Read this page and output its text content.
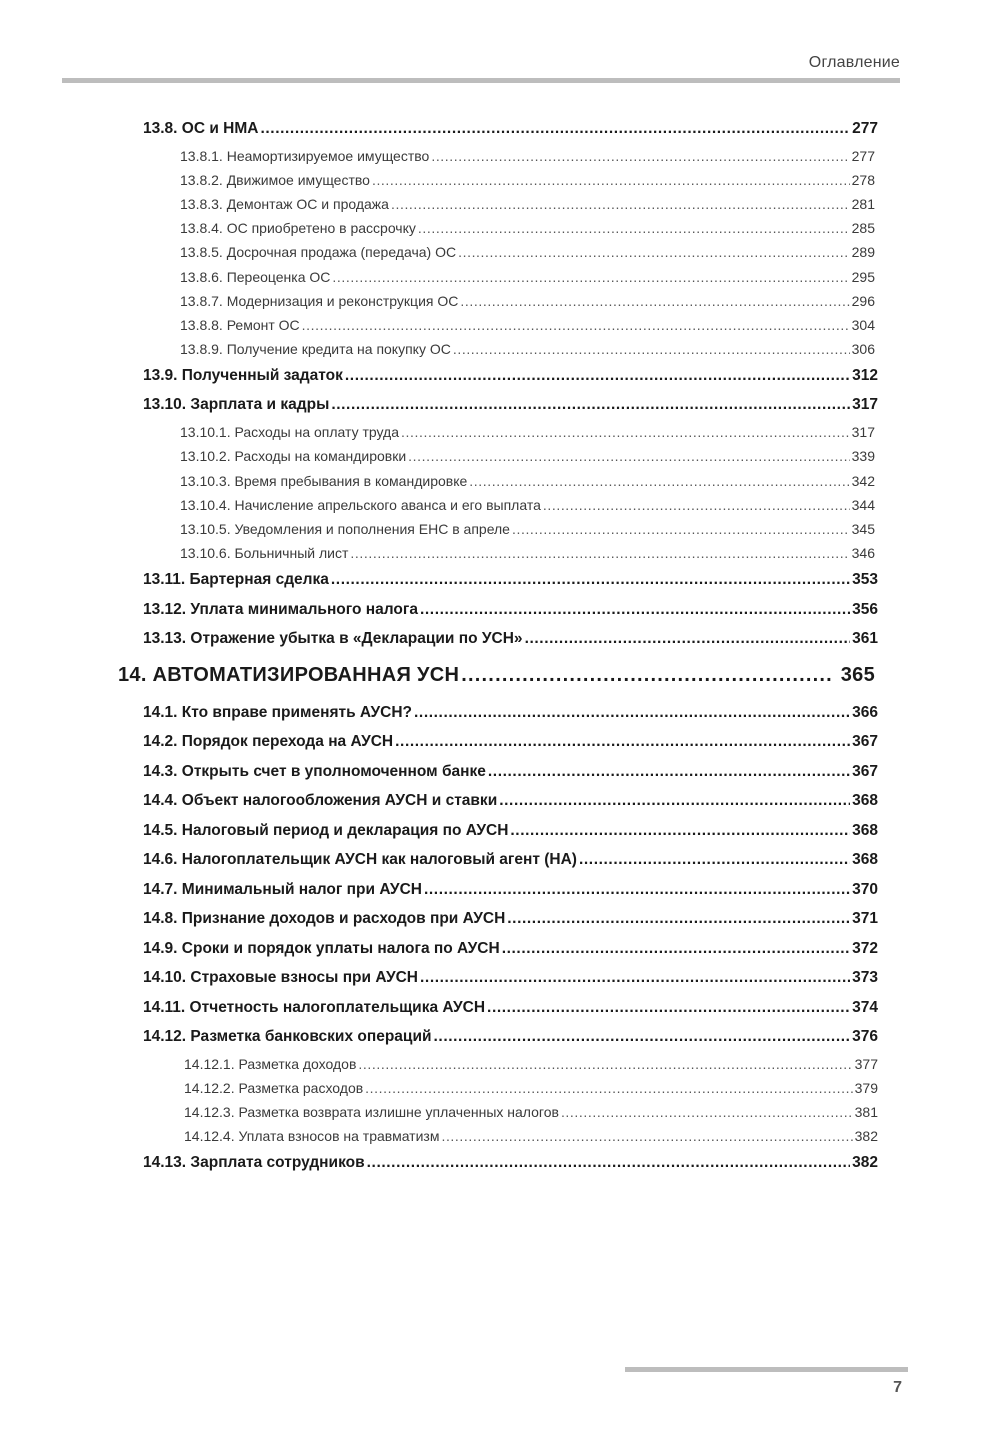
Оглавление
13.8. ОС и НМА .....	277
13.8.1. Неамортизируемое имущество .....	277
13.8.2. Движимое имущество .....	278
13.8.3. Демонтаж ОС и продажа .....	281
13.8.4. ОС приобретено в рассрочку .....	285
13.8.5. Досрочная продажа (передача) ОС .....	289
13.8.6. Переоценка ОС .....	295
13.8.7. Модернизация и реконструкция ОС .....	296
13.8.8. Ремонт ОС .....	304
13.8.9. Получение кредита на покупку ОС .....	306
13.9. Полученный задаток .....	312
13.10. Зарплата и кадры .....	317
13.10.1. Расходы на оплату труда .....	317
13.10.2. Расходы на командировки .....	339
13.10.3. Время пребывания в командировке .....	342
13.10.4. Начисление апрельского аванса и его выплата .....	344
13.10.5. Уведомления и пополнения ЕНС в апреле .....	345
13.10.6. Больничный лист .....	346
13.11. Бартерная сделка .....	353
13.12. Уплата минимального налога .....	356
13.13. Отражение убытка в «Декларации по УСН» .....	361
14. АВТОМАТИЗИРОВАННАЯ УСН .....	365
14.1. Кто вправе применять АУСН? .....	366
14.2. Порядок перехода на АУСН .....	367
14.3. Открыть счет в уполномоченном банке .....	367
14.4. Объект налогообложения АУСН и ставки .....	368
14.5. Налоговый период и декларация по АУСН .....	368
14.6. Налогоплательщик АУСН как налоговый агент (НА) .....	368
14.7. Минимальный налог при АУСН .....	370
14.8. Признание доходов и расходов при АУСН .....	371
14.9. Сроки и порядок уплаты налога по АУСН .....	372
14.10. Страховые взносы при АУСН .....	373
14.11. Отчетность налогоплательщика АУСН .....	374
14.12. Разметка банковских операций .....	376
14.12.1. Разметка доходов .....	377
14.12.2. Разметка расходов .....	379
14.12.3. Разметка возврата излишне уплаченных налогов .....	381
14.12.4. Уплата взносов на травматизм .....	382
14.13. Зарплата сотрудников .....	382
7
